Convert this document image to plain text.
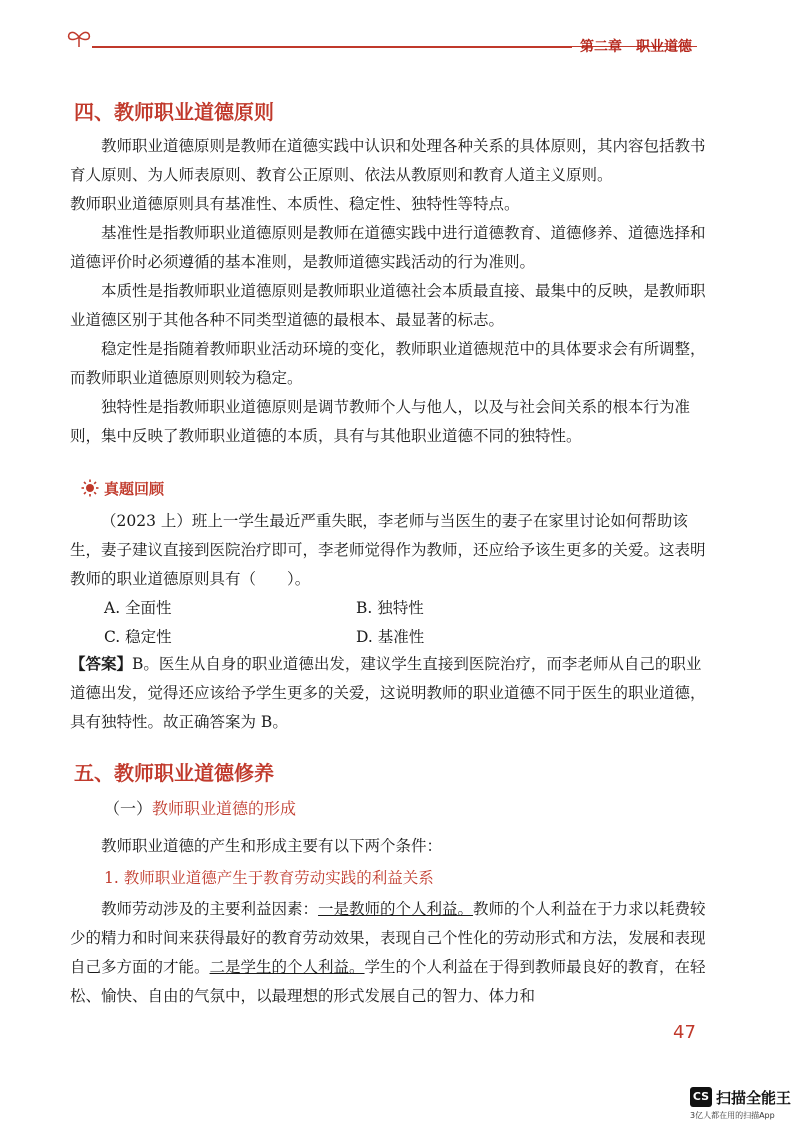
第二章　职业道德
四、教师职业道德原则

教师职业道德原则是教师在道德实践中认识和处理各种关系的具体原则，其内容包括教书育人原则、为人师表原则、教育公正原则、依法从教原则和教育人道主义原则。

教师职业道德原则具有基准性、本质性、稳定性、独特性等特点。

基准性是指教师职业道德原则是教师在道德实践中进行道德教育、道德修养、道德选择和道德评价时必须遵循的基本准则，是教师道德实践活动的行为准则。

本质性是指教师职业道德原则是教师职业道德社会本质最直接、最集中的反映，是教师职业道德区别于其他各种不同类型道德的最根本、最显著的标志。

稳定性是指随着教师职业活动环境的变化，教师职业道德规范中的具体要求会有所调整，而教师职业道德原则则较为稳定。

独特性是指教师职业道德原则是调节教师个人与他人，以及与社会间关系的根本行为准则，集中反映了教师职业道德的本质，具有与其他职业道德不同的独特性。

真题回顾

（2023 上）班上一学生最近严重失眠，李老师与当医生的妻子在家里讨论如何帮助该生，妻子建议直接到医院治疗即可，李老师觉得作为教师，还应给予该生更多的关爱。这表明教师的职业道德原则具有（　　）。

A. 全面性	B. 独特性
C. 稳定性	D. 基准性

【答案】B。医生从自身的职业道德出发，建议学生直接到医院治疗，而李老师从自己的职业道德出发，觉得还应该给予学生更多的关爱，这说明教师的职业道德不同于医生的职业道德，具有独特性。故正确答案为 B。

五、教师职业道德修养
（一）教师职业道德的形成

教师职业道德的产生和形成主要有以下两个条件：

1. 教师职业道德产生于教育劳动实践的利益关系

教师劳动涉及的主要利益因素：一是教师的个人利益。教师的个人利益在于力求以耗费较少的精力和时间来获得最好的教育劳动效果，表现自己个性化的劳动形式和方法，发展和表现自己多方面的才能。二是学生的个人利益。学生的个人利益在于得到教师最良好的教育，在轻松、愉快、自由的气氛中，以最理想的形式发展自己的智力、体力和

47
CS 扫描全能王
3亿人都在用的扫描App
